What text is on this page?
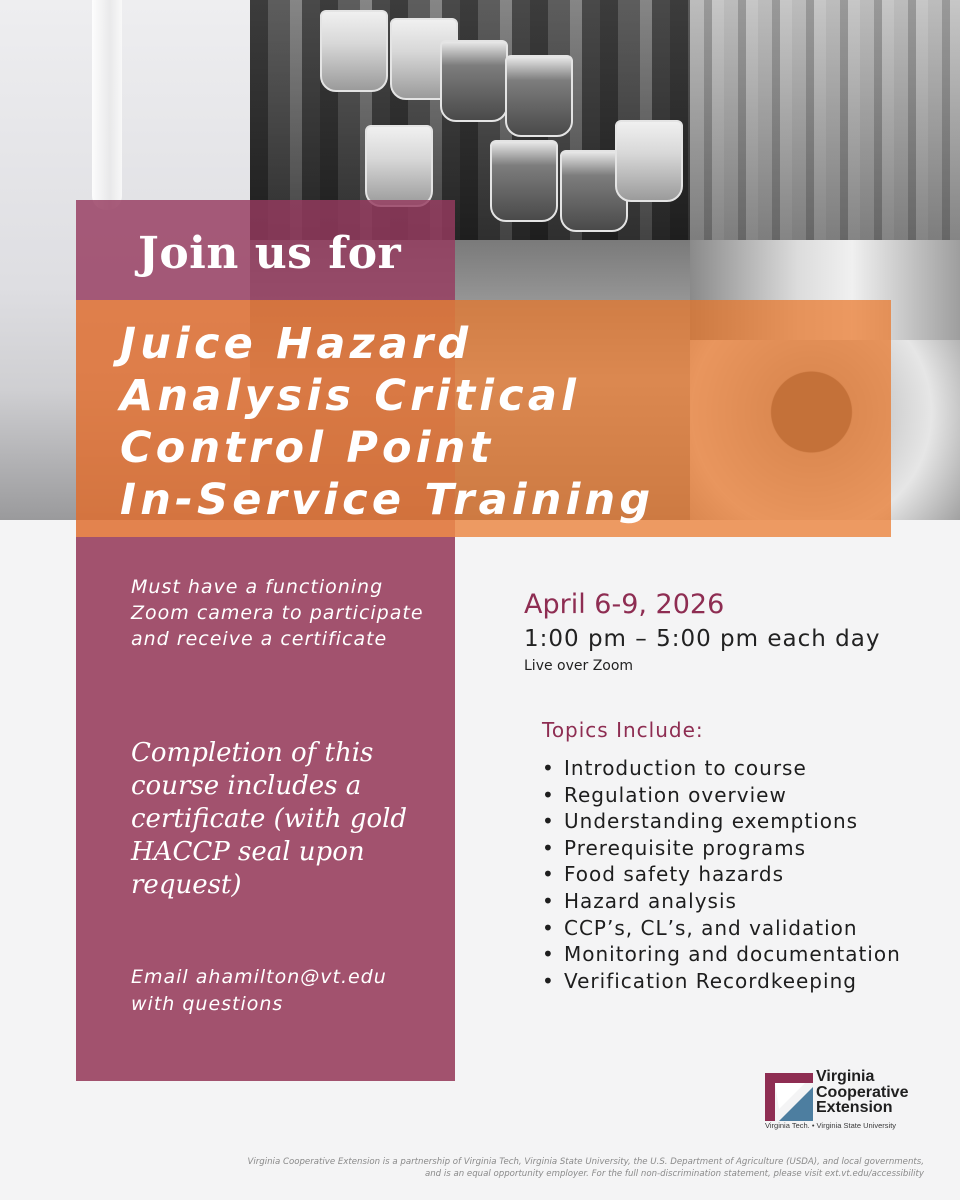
Join us for
Juice Hazard
Analysis Critical
Control Point
In-Service Training

Must have a functioning Zoom camera to participate and receive a certificate

Completion of this course includes a certificate (with gold HACCP seal upon request)

Email ahamilton@vt.edu with questions

April 6-9, 2026

1:00 pm – 5:00 pm each day

Live over Zoom

Topics Include:

• Introduction to course
• Regulation overview
• Understanding exemptions
• Prerequisite programs
• Food safety hazards
• Hazard analysis
• CCP’s, CL’s, and validation
• Monitoring and documentation
• Verification Recordkeeping

Virginia
Cooperative
Extension

Virginia Tech. • Virginia State University

Virginia Cooperative Extension is a partnership of Virginia Tech, Virginia State University, the U.S. Department of Agriculture (USDA), and local governments, and is an equal opportunity employer. For the full non-discrimination statement, please visit ext.vt.edu/accessibility
